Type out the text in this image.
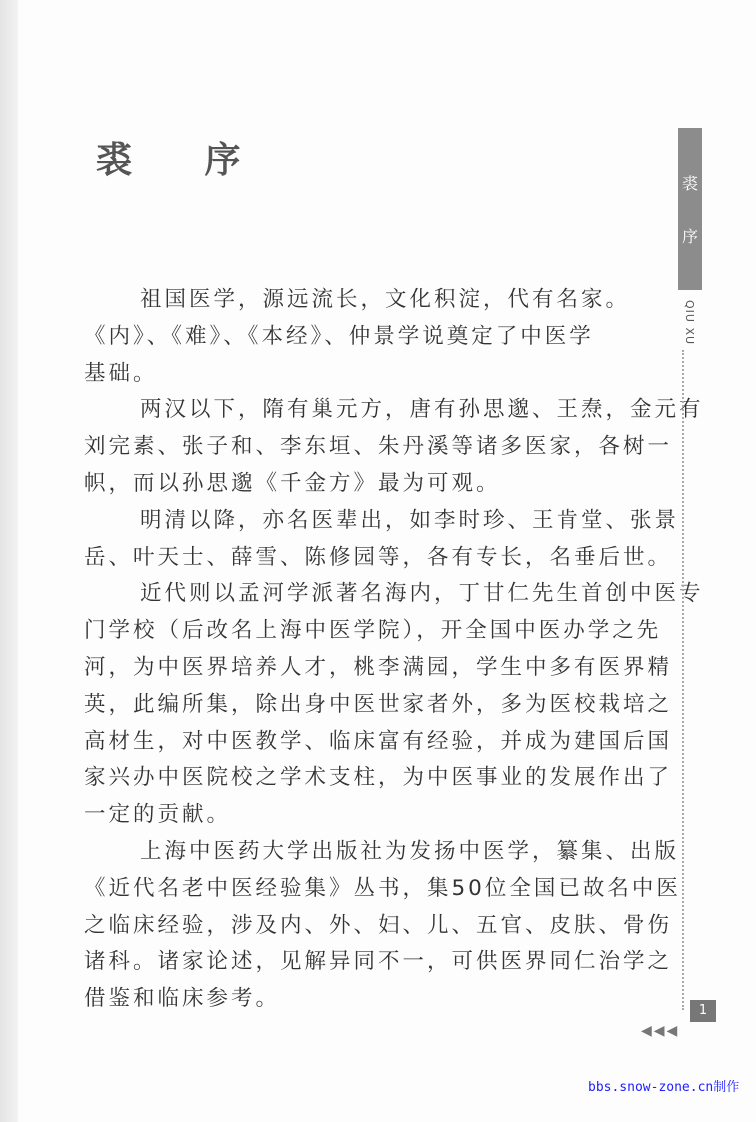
裘 序
祖国医学，源远流长，文化积淀，代有名家。
《内》、《难》、《本经》、仲景学说奠定了中医学
基础。
两汉以下，隋有巢元方，唐有孙思邈、王焘，金元有
刘完素、张子和、李东垣、朱丹溪等诸多医家，各树一
帜，而以孙思邈《千金方》最为可观。
明清以降，亦名医辈出，如李时珍、王肯堂、张景
岳、叶天士、薛雪、陈修园等，各有专长，名垂后世。
近代则以孟河学派著名海内，丁甘仁先生首创中医专
门学校（后改名上海中医学院），开全国中医办学之先
河，为中医界培养人才，桃李满园，学生中多有医界精
英，此编所集，除出身中医世家者外，多为医校栽培之
高材生，对中医教学、临床富有经验，并成为建国后国
家兴办中医院校之学术支柱，为中医事业的发展作出了
一定的贡献。
上海中医药大学出版社为发扬中医学，纂集、出版
《近代名老中医经验集》丛书，集50位全国已故名中医
之临床经验，涉及内、外、妇、儿、五官、皮肤、骨伤
诸科。诸家论述，见解异同不一，可供医界同仁治学之
借鉴和临床参考。
裘
序
QIU XU
1
◀◀◀
bbs.snow-zone.cn制作
